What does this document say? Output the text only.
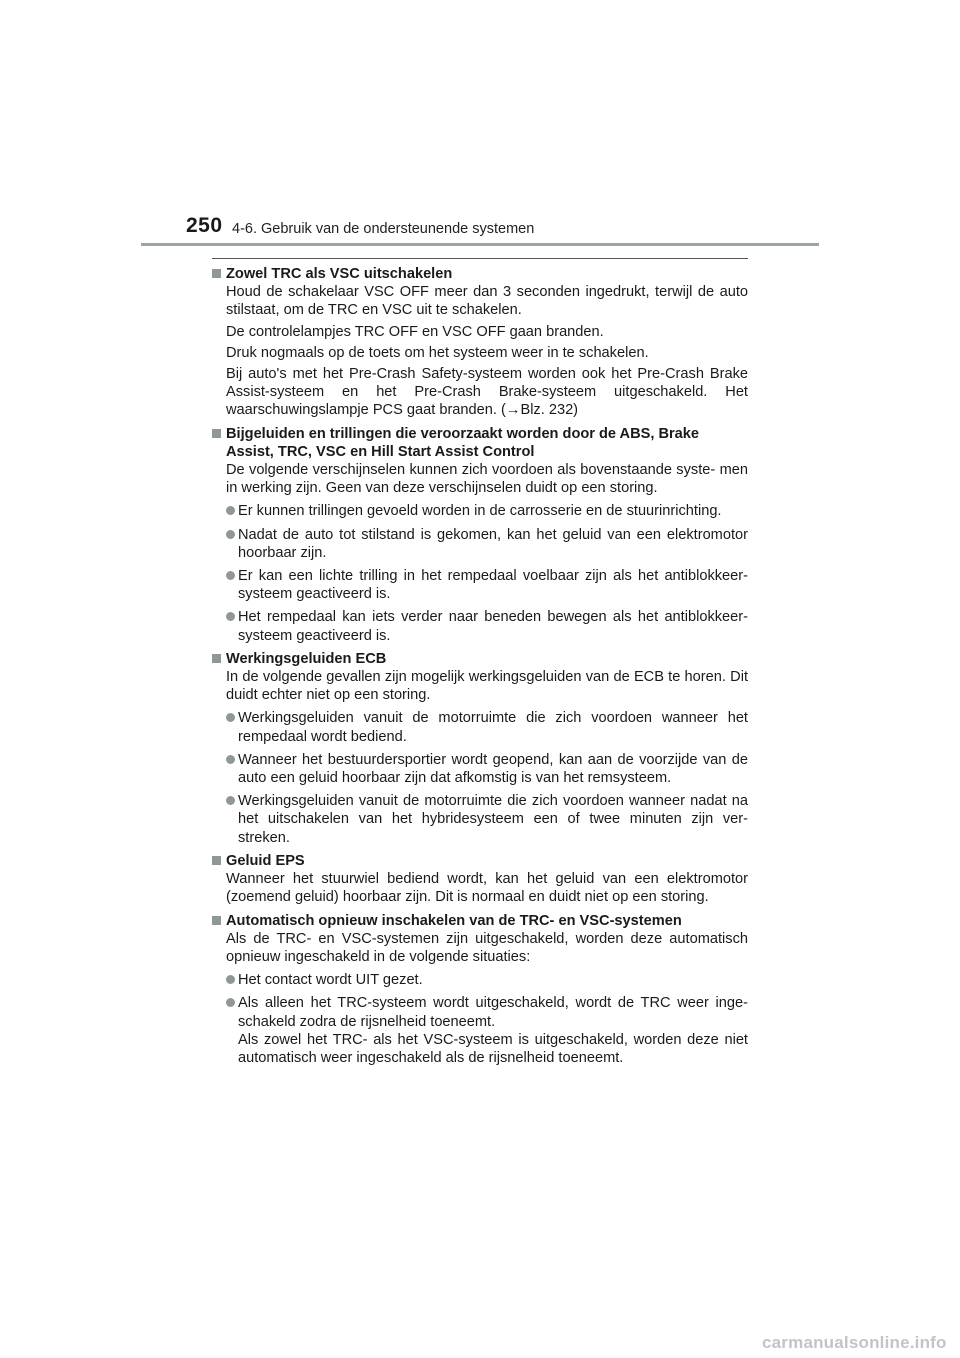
250 4-6. Gebruik van de ondersteunende systemen
Zowel TRC als VSC uitschakelen
Houd de schakelaar VSC OFF meer dan 3 seconden ingedrukt, terwijl de auto stilstaat, om de TRC en VSC uit te schakelen.
De controlelampjes TRC OFF en VSC OFF gaan branden.
Druk nogmaals op de toets om het systeem weer in te schakelen.
Bij auto's met het Pre-Crash Safety-systeem worden ook het Pre-Crash Brake Assist-systeem en het Pre-Crash Brake-systeem uitgeschakeld. Het waarschuwingslampje PCS gaat branden. (→Blz. 232)
Bijgeluiden en trillingen die veroorzaakt worden door de ABS, Brake Assist, TRC, VSC en Hill Start Assist Control
De volgende verschijnselen kunnen zich voordoen als bovenstaande syste- men in werking zijn. Geen van deze verschijnselen duidt op een storing.
Er kunnen trillingen gevoeld worden in de carrosserie en de stuurinrichting.
Nadat de auto tot stilstand is gekomen, kan het geluid van een elektromotor hoorbaar zijn.
Er kan een lichte trilling in het rempedaal voelbaar zijn als het antiblokkeer- systeem geactiveerd is.
Het rempedaal kan iets verder naar beneden bewegen als het antiblokkeer- systeem geactiveerd is.
Werkingsgeluiden ECB
In de volgende gevallen zijn mogelijk werkingsgeluiden van de ECB te horen. Dit duidt echter niet op een storing.
Werkingsgeluiden vanuit de motorruimte die zich voordoen wanneer het rempedaal wordt bediend.
Wanneer het bestuurdersportier wordt geopend, kan aan de voorzijde van de auto een geluid hoorbaar zijn dat afkomstig is van het remsysteem.
Werkingsgeluiden vanuit de motorruimte die zich voordoen wanneer nadat na het uitschakelen van het hybridesysteem een of twee minuten zijn ver- streken.
Geluid EPS
Wanneer het stuurwiel bediend wordt, kan het geluid van een elektromotor (zoemend geluid) hoorbaar zijn. Dit is normaal en duidt niet op een storing.
Automatisch opnieuw inschakelen van de TRC- en VSC-systemen
Als de TRC- en VSC-systemen zijn uitgeschakeld, worden deze automatisch opnieuw ingeschakeld in de volgende situaties:
Het contact wordt UIT gezet.
Als alleen het TRC-systeem wordt uitgeschakeld, wordt de TRC weer inge- schakeld zodra de rijsnelheid toeneemt.
Als zowel het TRC- als het VSC-systeem is uitgeschakeld, worden deze niet automatisch weer ingeschakeld als de rijsnelheid toeneemt.
carmanualsonline.info
